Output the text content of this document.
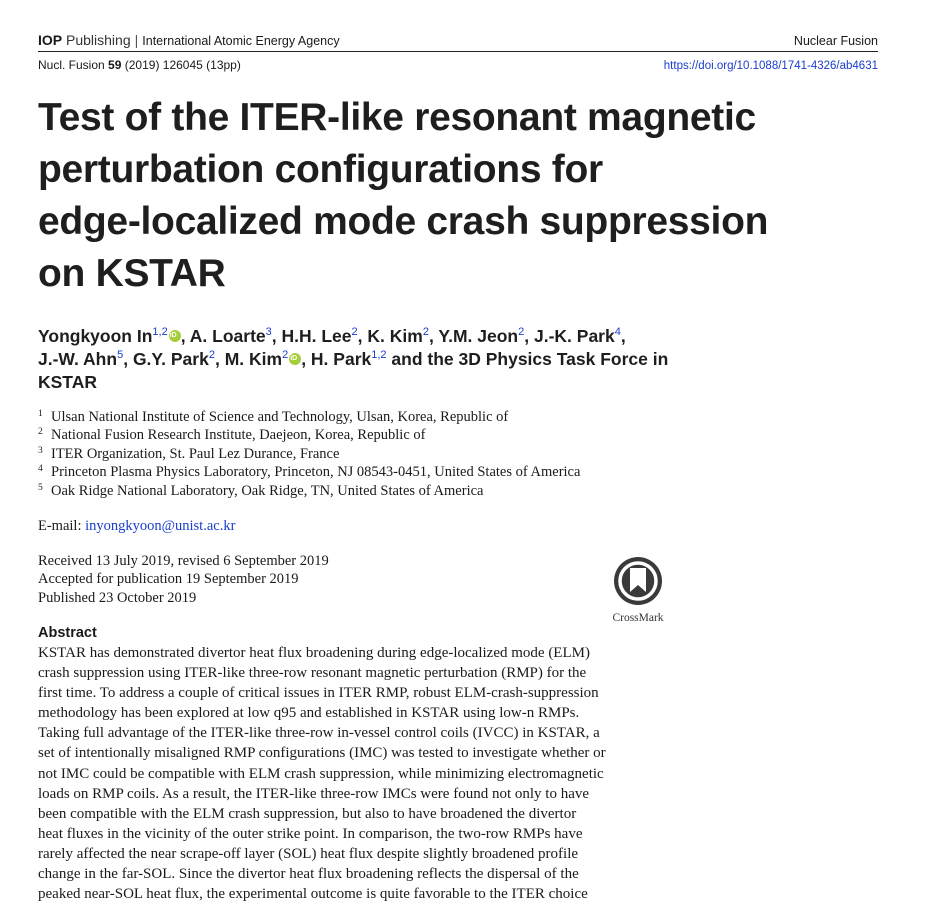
IOP Publishing | International Atomic Energy Agency	Nuclear Fusion
Nucl. Fusion 59 (2019) 126045 (13pp)	https://doi.org/10.1088/1741-4326/ab4631
Test of the ITER-like resonant magnetic
perturbation configurations for
edge-localized mode crash suppression
on KSTAR
Yongkyoon In$^{1,2}$ iD , A. Loarte$^3$, H.H. Lee$^2$, K. Kim$^2$, Y.M. Jeon$^2$, J.-K. Park$^4$,
J.-W. Ahn$^5$, G.Y. Park$^2$, M. Kim$^2$ iD , H. Park$^{1,2}$ and the 3D Physics Task Force in KSTAR
1 Ulsan National Institute of Science and Technology, Ulsan, Korea, Republic of
2 National Fusion Research Institute, Daejeon, Korea, Republic of
3 ITER Organization, St. Paul Lez Durance, France
4 Princeton Plasma Physics Laboratory, Princeton, NJ 08543-0451, United States of America
5 Oak Ridge National Laboratory, Oak Ridge, TN, United States of America
E-mail: inyongkyoon@unist.ac.kr
Received 13 July 2019, revised 6 September 2019
Accepted for publication 19 September 2019
Published 23 October 2019
CrossMark
Abstract
KSTAR has demonstrated divertor heat flux broadening during edge-localized mode (ELM)
crash suppression using ITER-like three-row resonant magnetic perturbation (RMP) for the
first time. To address a couple of critical issues in ITER RMP, robust ELM-crash-suppression
methodology has been explored at low q95 and established in KSTAR using low-n RMPs.
Taking full advantage of the ITER-like three-row in-vessel control coils (IVCC) in KSTAR, a
set of intentionally misaligned RMP configurations (IMC) was tested to investigate whether or
not IMC could be compatible with ELM crash suppression, while minimizing electromagnetic
loads on RMP coils. As a result, the ITER-like three-row IMCs were found not only to have
been compatible with the ELM crash suppression, but also to have broadened the divertor
heat fluxes in the vicinity of the outer strike point. In comparison, the two-row RMPs have
rarely affected the near scrape-off layer (SOL) heat flux despite slightly broadened profile
change in the far-SOL. Since the divertor heat flux broadening reflects the dispersal of the
peaked near-SOL heat flux, the experimental outcome is quite favorable to the ITER choice
